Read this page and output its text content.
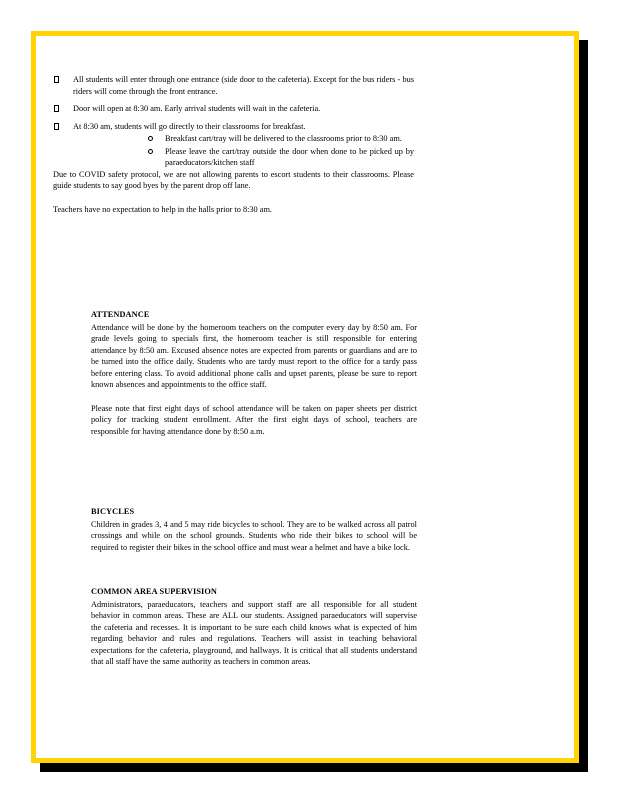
All students will enter through one entrance (side door to the cafeteria). Except for the bus riders - bus riders will come through the front entrance.
Door will open at 8:30 am. Early arrival students will wait in the cafeteria.
At 8:30 am, students will go directly to their classrooms for breakfast.
Breakfast cart/tray will be delivered to the classrooms prior to 8:30 am.
Please leave the cart/tray outside the door when done to be picked up by paraeducators/kitchen staff

Due to COVID safety protocol, we are not allowing parents to escort students to their classrooms. Please guide students to say good byes by the parent drop off lane.

Teachers have no expectation to help in the halls prior to 8:30 am.

ATTENDANCE

Attendance will be done by the homeroom teachers on the computer every day by 8:50 am. For grade levels going to specials first, the homeroom teacher is still responsible for entering attendance by 8:50 am. Excused absence notes are expected from parents or guardians and are to be turned into the office daily. Students who are tardy must report to the office for a tardy pass before entering class. To avoid additional phone calls and upset parents, please be sure to report known absences and appointments to the office staff.

Please note that first eight days of school attendance will be taken on paper sheets per district policy for tracking student enrollment. After the first eight days of school, teachers are responsible for having attendance done by 8:50 a.m.

BICYCLES

Children in grades 3, 4 and 5 may ride bicycles to school. They are to be walked across all patrol crossings and while on the school grounds. Students who ride their bikes to school will be required to register their bikes in the school office and must wear a helmet and have a bike lock.

COMMON AREA SUPERVISION

Administrators, paraeducators, teachers and support staff are all responsible for all student behavior in common areas. These are ALL our students. Assigned paraeducators will supervise the cafeteria and recesses. It is important to be sure each child knows what is expected of him regarding behavior and rules and regulations. Teachers will assist in teaching behavioral expectations for the cafeteria, playground, and hallways. It is critical that all students understand that all staff have the same authority as teachers in common areas.
